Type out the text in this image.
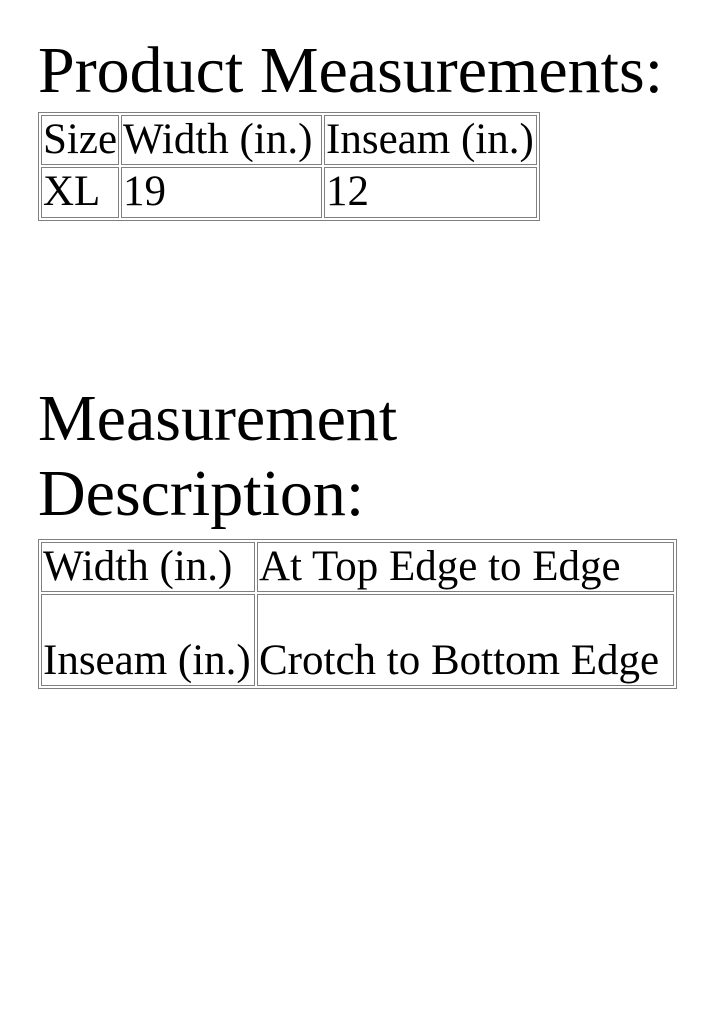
Product Measurements:
Size	Width (in.)	Inseam (in.)
XL	19	12
Measurement Description:
Width (in.)	At Top Edge to Edge
Inseam (in.)	Crotch to Bottom Edge
